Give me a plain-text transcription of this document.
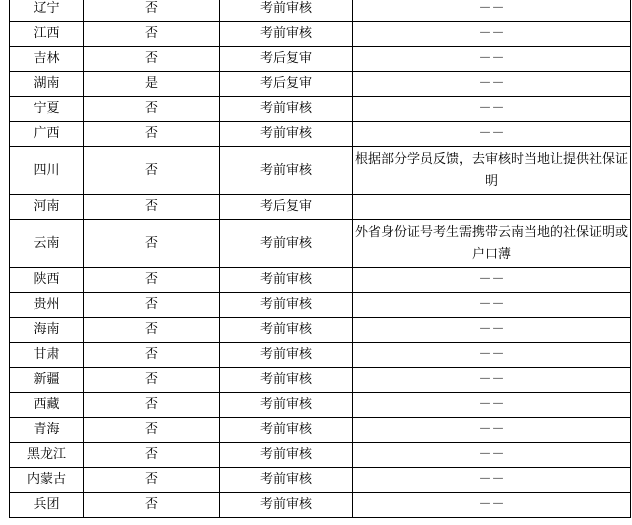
辽宁	否	考前审核	－－
江西	否	考前审核	－－
吉林	否	考后复审	－－
湖南	是	考后复审	－－
宁夏	否	考前审核	－－
广西	否	考前审核	－－
四川	否	考前审核	根据部分学员反馈，去审核时当地让提供社保证明
河南	否	考后复审	
云南	否	考前审核	外省身份证号考生需携带云南当地的社保证明或户口薄
陕西	否	考前审核	－－
贵州	否	考前审核	－－
海南	否	考前审核	－－
甘肃	否	考前审核	－－
新疆	否	考前审核	－－
西藏	否	考前审核	－－
青海	否	考前审核	－－
黑龙江	否	考前审核	－－
内蒙古	否	考前审核	－－
兵团	否	考前审核	－－
